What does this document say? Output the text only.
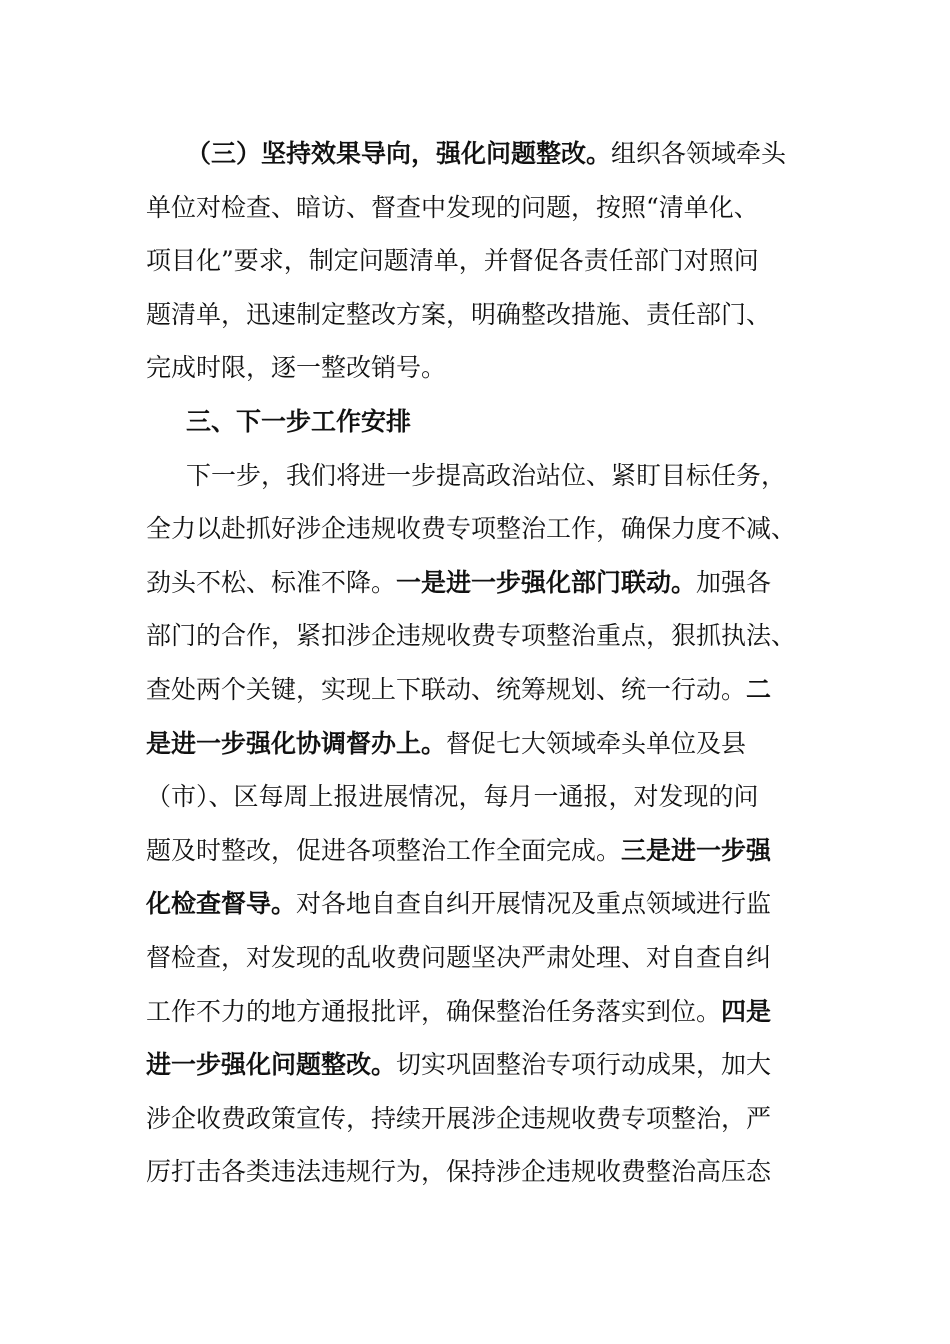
（三）坚持效果导向，强化问题整改。组织各领域牵头
单位对检查、暗访、督查中发现的问题，按照“清单化、
项目化”要求，制定问题清单，并督促各责任部门对照问
题清单，迅速制定整改方案，明确整改措施、责任部门、
完成时限，逐一整改销号。
三、下一步工作安排
下一步，我们将进一步提高政治站位、紧盯目标任务，
全力以赴抓好涉企违规收费专项整治工作，确保力度不减、
劲头不松、标准不降。一是进一步强化部门联动。加强各
部门的合作，紧扣涉企违规收费专项整治重点，狠抓执法、
查处两个关键，实现上下联动、统筹规划、统一行动。二
是进一步强化协调督办上。督促七大领域牵头单位及县
（市）、区每周上报进展情况，每月一通报，对发现的问
题及时整改，促进各项整治工作全面完成。三是进一步强
化检查督导。对各地自查自纠开展情况及重点领域进行监
督检查，对发现的乱收费问题坚决严肃处理、对自查自纠
工作不力的地方通报批评，确保整治任务落实到位。四是
进一步强化问题整改。切实巩固整治专项行动成果，加大
涉企收费政策宣传，持续开展涉企违规收费专项整治，严
厉打击各类违法违规行为，保持涉企违规收费整治高压态
